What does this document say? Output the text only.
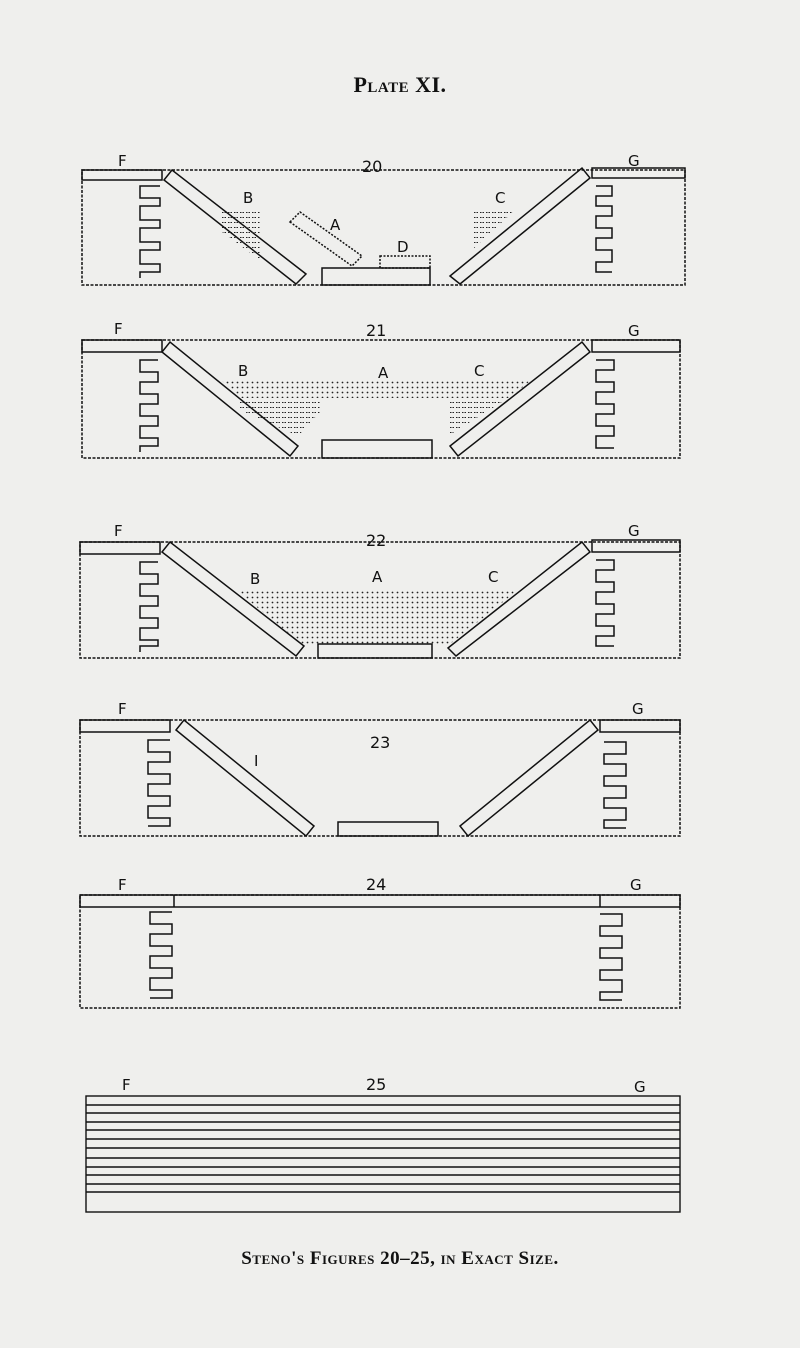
Plate XI.
F	20	G
B
A
C
D
F	21	G
B	A	C
F	22	G
B	A	C
F
23
G
I
F	24	G
F	25	G
Steno's Figures 20–25, in Exact Size.
